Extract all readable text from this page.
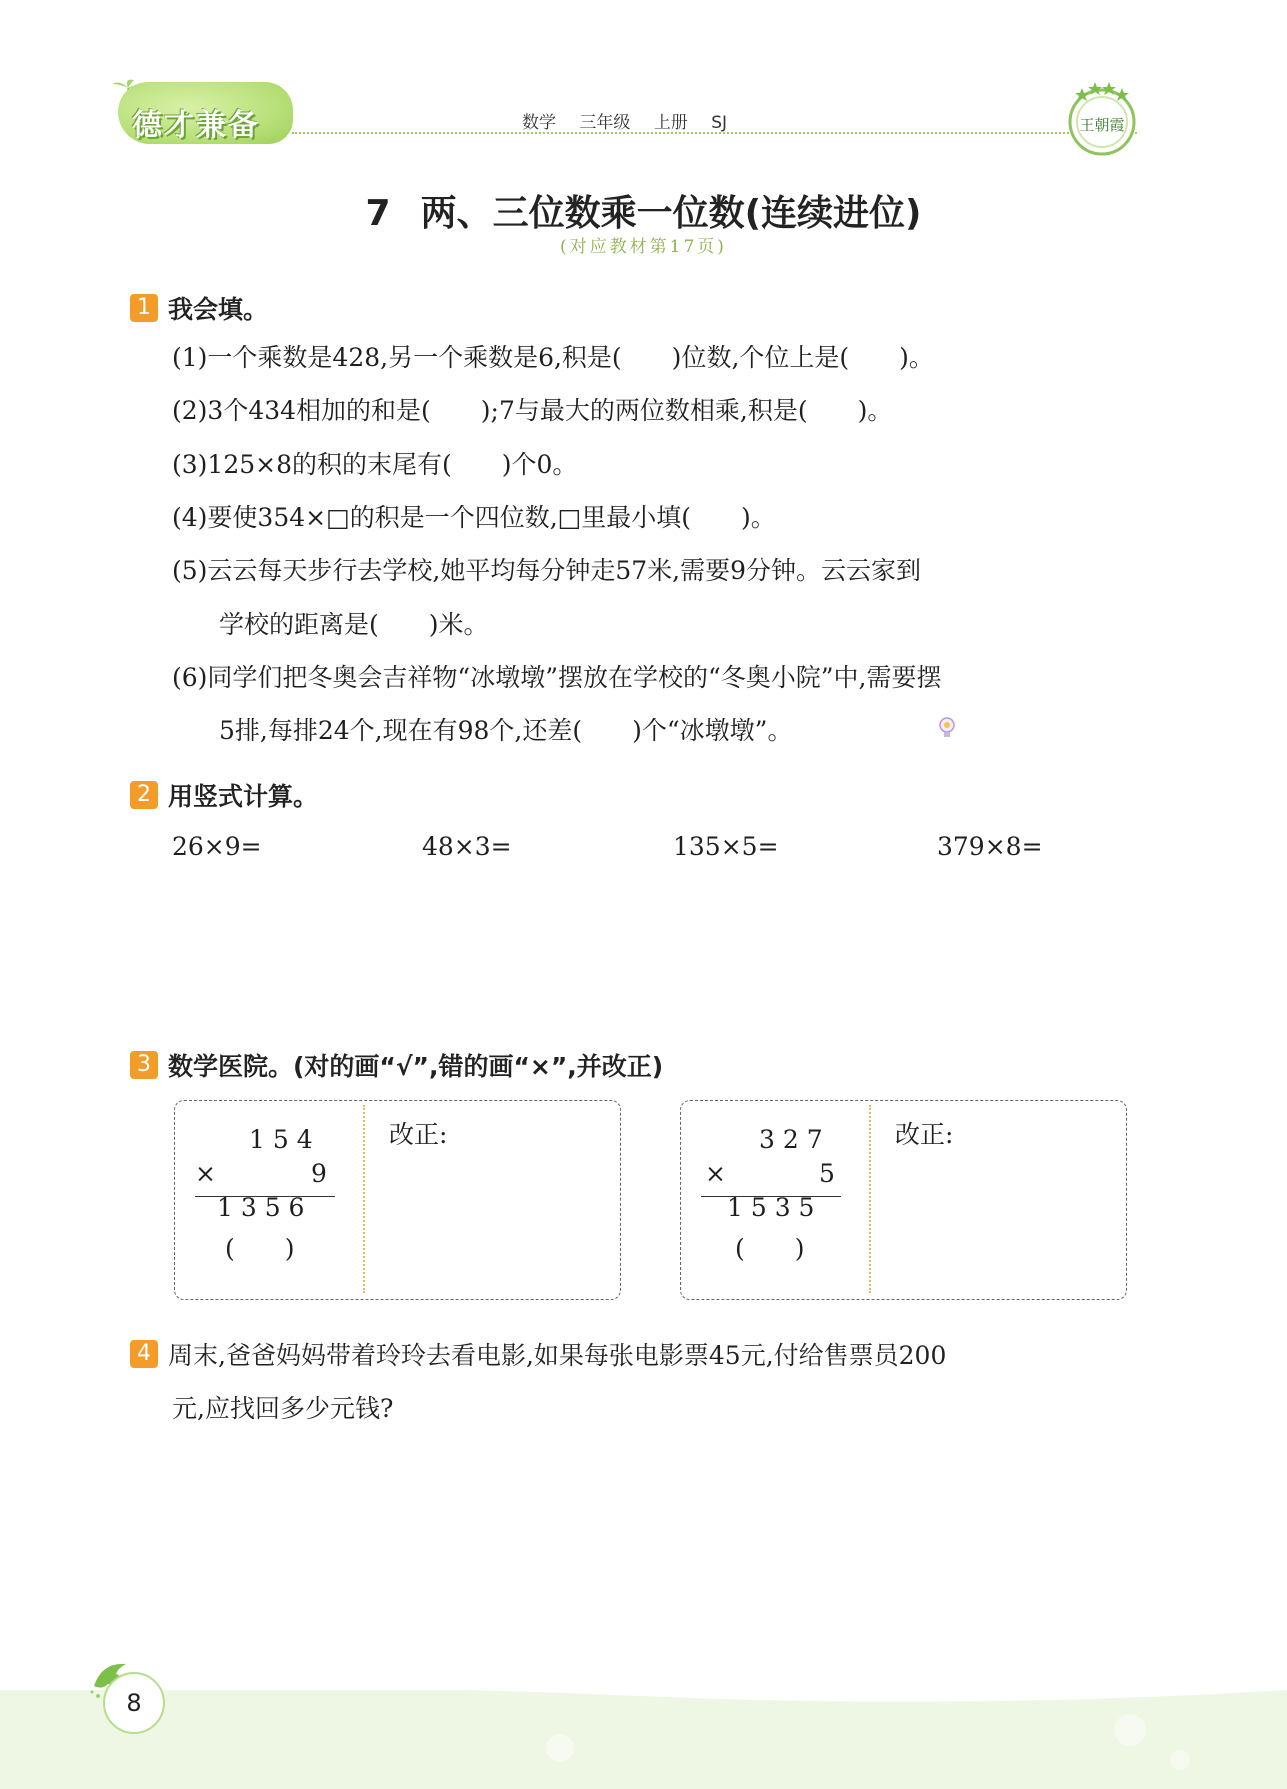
德才兼备	数学 三年级 上册 SJ	王朝霞
7 两、三位数乘一位数(连续进位)
(对应教材第17页)
1 我会填。
(1)一个乘数是428,另一个乘数是6,积是(　　)位数,个位上是(　　)。
(2)3个434相加的和是(　　);7与最大的两位数相乘,积是(　　)。
(3)125×8的积的末尾有(　　)个0。
(4)要使354×□的积是一个四位数,□里最小填(　　)。
(5)云云每天步行去学校,她平均每分钟走57米,需要9分钟。云云家到
学校的距离是(　　)米。
(6)同学们把冬奥会吉祥物“冰墩墩”摆放在学校的“冬奥小院”中,需要摆
5排,每排24个,现在有98个,还差(　　)个“冰墩墩”。
2 用竖式计算。
26×9=	48×3=	135×5=	379×8=
3 数学医院。(对的画“√”,错的画“×”,并改正)
1 5 4
×	9
1 3 5 6
(　　)
改正:	3 2 7
×	5
1 5 3 5
(　　)
改正:
4 周末,爸爸妈妈带着玲玲去看电影,如果每张电影票45元,付给售票员200
元,应找回多少元钱?
8
